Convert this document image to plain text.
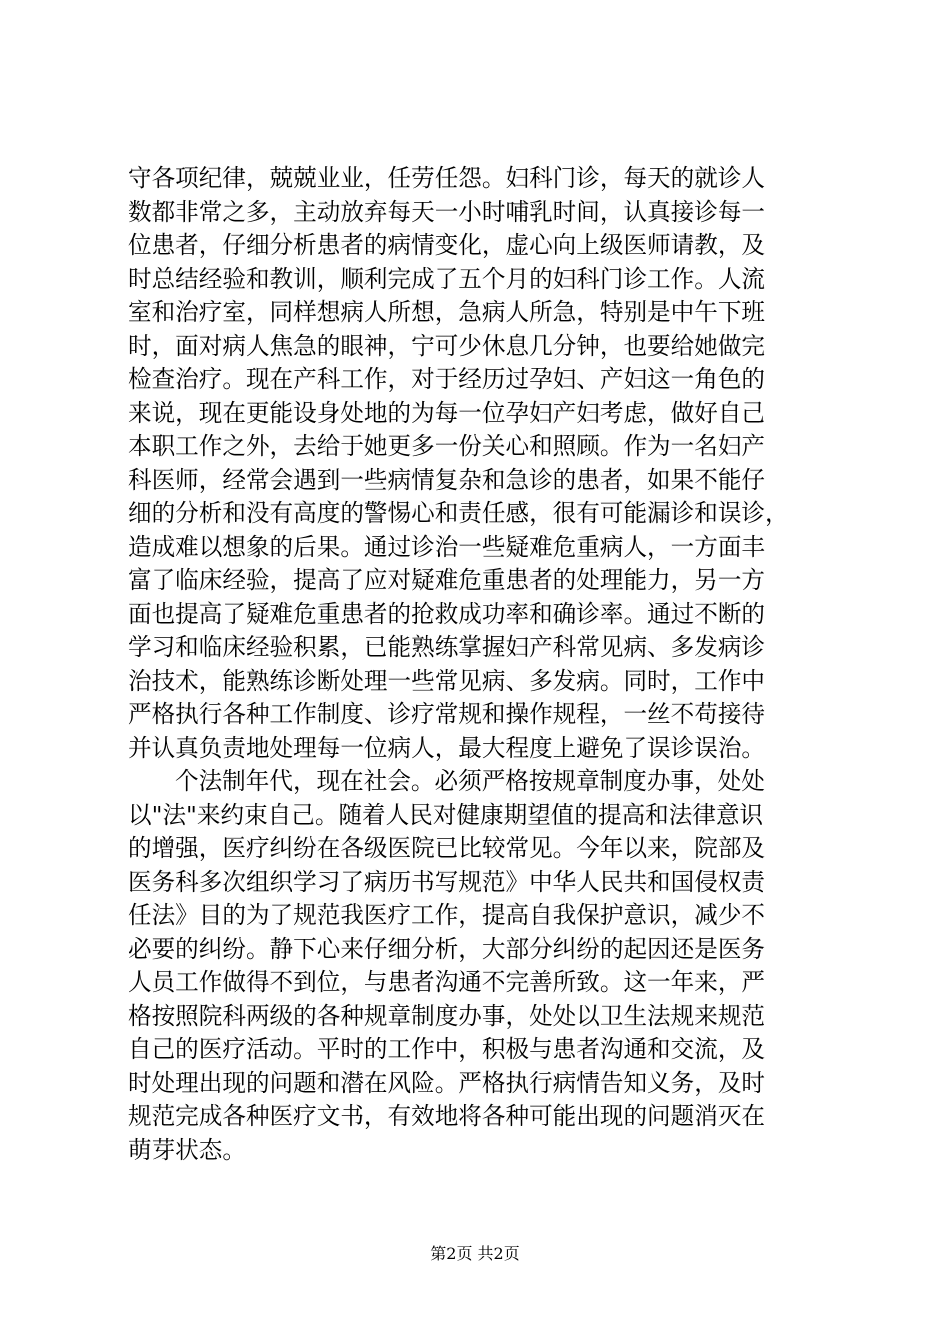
守各项纪律，兢兢业业，任劳任怨。妇科门诊，每天的就诊人
数都非常之多，主动放弃每天一小时哺乳时间，认真接诊每一
位患者，仔细分析患者的病情变化，虚心向上级医师请教，及
时总结经验和教训，顺利完成了五个月的妇科门诊工作。人流
室和治疗室，同样想病人所想，急病人所急，特别是中午下班
时，面对病人焦急的眼神，宁可少休息几分钟，也要给她做完
检查治疗。现在产科工作，对于经历过孕妇、产妇这一角色的
来说，现在更能设身处地的为每一位孕妇产妇考虑，做好自己
本职工作之外，去给于她更多一份关心和照顾。作为一名妇产
科医师，经常会遇到一些病情复杂和急诊的患者，如果不能仔
细的分析和没有高度的警惕心和责任感，很有可能漏诊和误诊，
造成难以想象的后果。通过诊治一些疑难危重病人，一方面丰
富了临床经验，提高了应对疑难危重患者的处理能力，另一方
面也提高了疑难危重患者的抢救成功率和确诊率。通过不断的
学习和临床经验积累，已能熟练掌握妇产科常见病、多发病诊
治技术，能熟练诊断处理一些常见病、多发病。同时，工作中
严格执行各种工作制度、诊疗常规和操作规程，一丝不苟接待
并认真负责地处理每一位病人，最大程度上避免了误诊误治。
个法制年代，现在社会。必须严格按规章制度办事，处处
以"法"来约束自己。随着人民对健康期望值的提高和法律意识
的增强，医疗纠纷在各级医院已比较常见。今年以来，院部及
医务科多次组织学习了病历书写规范》中华人民共和国侵权责
任法》目的为了规范我医疗工作，提高自我保护意识，减少不
必要的纠纷。静下心来仔细分析，大部分纠纷的起因还是医务
人员工作做得不到位，与患者沟通不完善所致。这一年来，严
格按照院科两级的各种规章制度办事，处处以卫生法规来规范
自己的医疗活动。平时的工作中，积极与患者沟通和交流，及
时处理出现的问题和潜在风险。严格执行病情告知义务，及时
规范完成各种医疗文书，有效地将各种可能出现的问题消灭在
萌芽状态。
第2页 共2页
